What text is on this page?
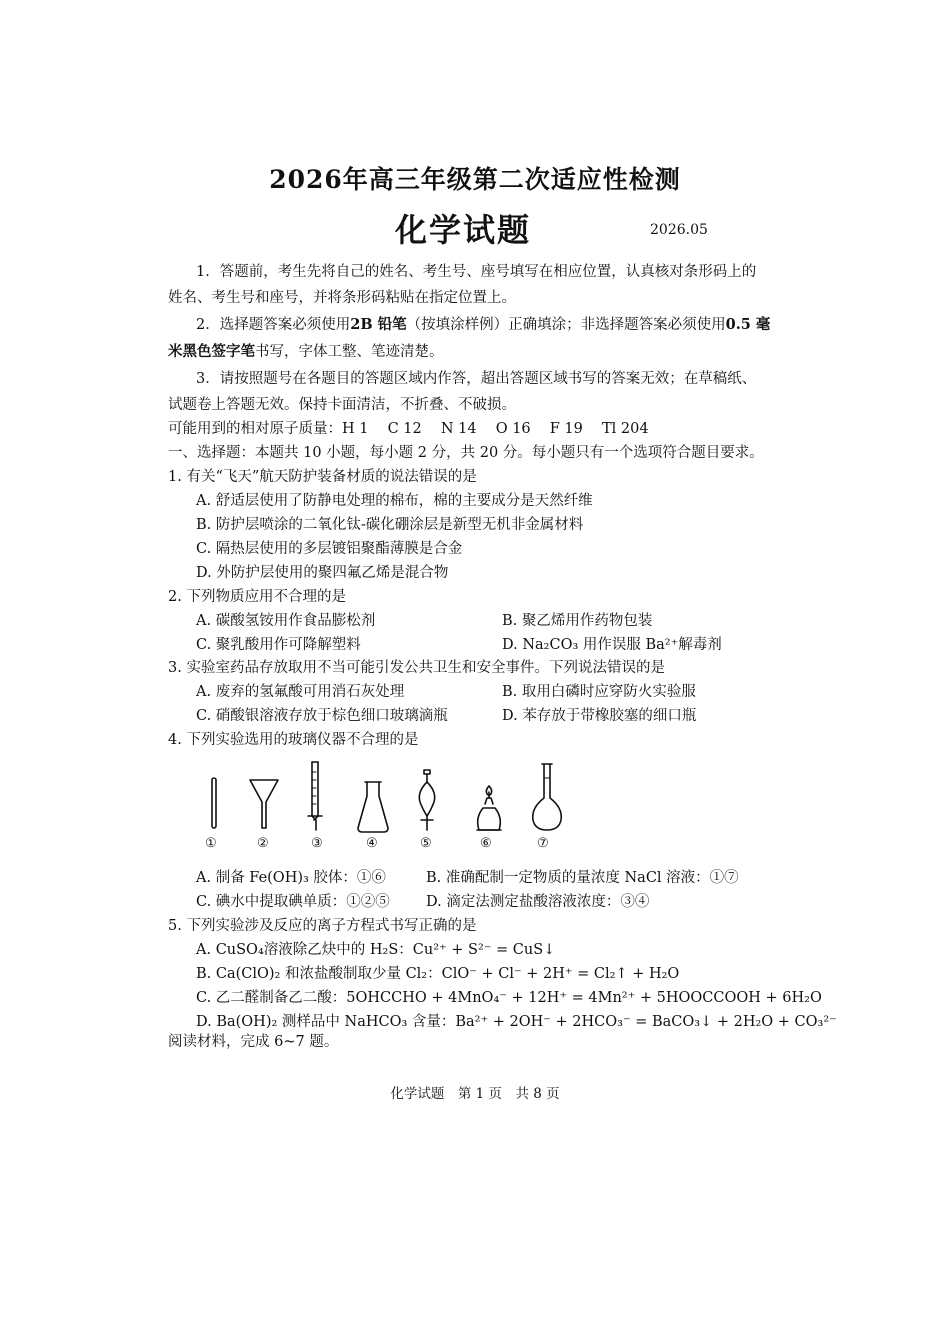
2026年高三年级第二次适应性检测
化学试题	2026.05
1．答题前，考生先将自己的姓名、考生号、座号填写在相应位置，认真核对条形码上的
姓名、考生号和座号，并将条形码粘贴在指定位置上。
2．选择题答案必须使用2B 铅笔（按填涂样例）正确填涂；非选择题答案必须使用0.5 毫
米黑色签字笔书写，字体工整、笔迹清楚。
3．请按照题号在各题目的答题区域内作答，超出答题区域书写的答案无效；在草稿纸、
试题卷上答题无效。保持卡面清洁，不折叠、不破损。
可能用到的相对原子质量：H 1　 C 12　 N 14　 O 16　 F 19　 Tl 204
一、选择题：本题共 10 小题，每小题 2 分，共 20 分。每小题只有一个选项符合题目要求。
1. 有关“飞天”航天防护装备材质的说法错误的是
A. 舒适层使用了防静电处理的棉布，棉的主要成分是天然纤维
B. 防护层喷涂的二氧化钛-碳化硼涂层是新型无机非金属材料
C. 隔热层使用的多层镀铝聚酯薄膜是合金
D. 外防护层使用的聚四氟乙烯是混合物
2. 下列物质应用不合理的是
A. 碳酸氢铵用作食品膨松剂	B. 聚乙烯用作药物包装
C. 聚乳酸用作可降解塑料	D. Na₂CO₃ 用作误服 Ba²⁺解毒剂
3. 实验室药品存放取用不当可能引发公共卫生和安全事件。下列说法错误的是
A. 废弃的氢氟酸可用消石灰处理	B. 取用白磷时应穿防火实验服
C. 硝酸银溶液存放于棕色细口玻璃滴瓶	D. 苯存放于带橡胶塞的细口瓶
4. 下列实验选用的玻璃仪器不合理的是
①	②	③	④	⑤	⑥	⑦
A. 制备 Fe(OH)₃ 胶体：①⑥	B. 准确配制一定物质的量浓度 NaCl 溶液：①⑦
C. 碘水中提取碘单质：①②⑤ D. 滴定法测定盐酸溶液浓度：③④
5. 下列实验涉及反应的离子方程式书写正确的是
A. CuSO₄溶液除乙炔中的 H₂S：Cu²⁺ + S²⁻ = CuS↓
B. Ca(ClO)₂ 和浓盐酸制取少量 Cl₂：ClO⁻ + Cl⁻ + 2H⁺ = Cl₂↑ + H₂O
C. 乙二醛制备乙二酸：5OHCCHO + 4MnO₄⁻ + 12H⁺ = 4Mn²⁺ + 5HOOCCOOH + 6H₂O
D. Ba(OH)₂ 测样品中 NaHCO₃ 含量：Ba²⁺ + 2OH⁻ + 2HCO₃⁻ = BaCO₃↓ + 2H₂O + CO₃²⁻
阅读材料，完成 6~7 题。
化学试题　第 1 页　共 8 页
